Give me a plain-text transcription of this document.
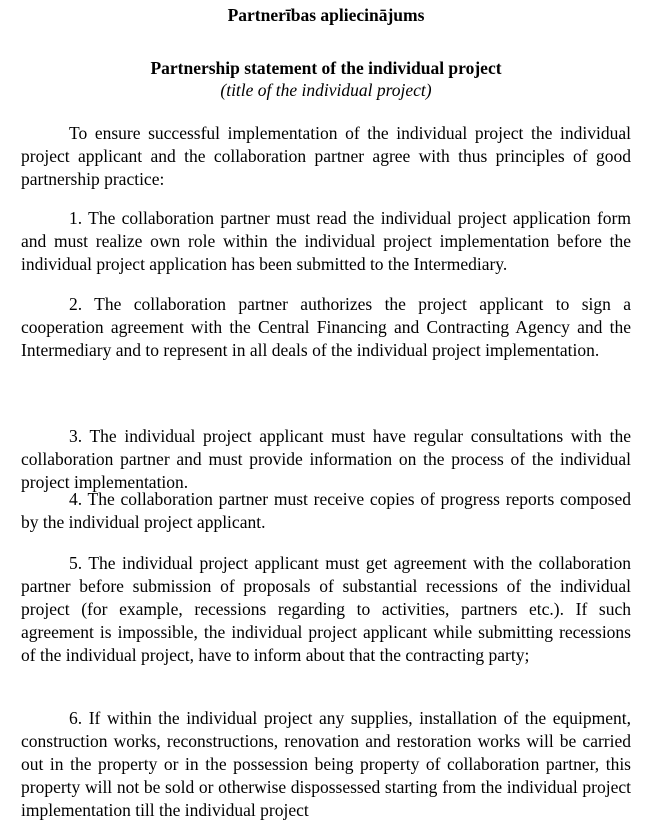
Partnerības apliecinājums
Partnership statement of the individual project

(title of the individual project)

To ensure successful implementation of the individual project the individual project applicant and the collaboration partner agree with thus principles of good partnership practice:

1. The collaboration partner must read the individual project application form and must realize own role within the individual project implementation before the individual project application has been submitted to the Intermediary.

2. The collaboration partner authorizes the project applicant to sign a cooperation agreement with the Central Financing and Contracting Agency and the Intermediary and to represent in all deals of the individual project implementation.

3. The individual project applicant must have regular consultations with the collaboration partner and must provide information on the process of the individual project implementation.

4. The collaboration partner must receive copies of progress reports composed by the individual project applicant.

5. The individual project applicant must get agreement with the collaboration partner before submission of proposals of substantial recessions of the individual project (for example, recessions regarding to activities, partners etc.). If such agreement is impossible, the individual project applicant while submitting recessions of the individual project, have to inform about that the contracting party;

6. If within the individual project any supplies, installation of the equipment, construction works, reconstructions, renovation and restoration works will be carried out in the property or in the possession being property of collaboration partner, this property will not be sold or otherwise dispossessed starting from the individual project implementation till the individual project
